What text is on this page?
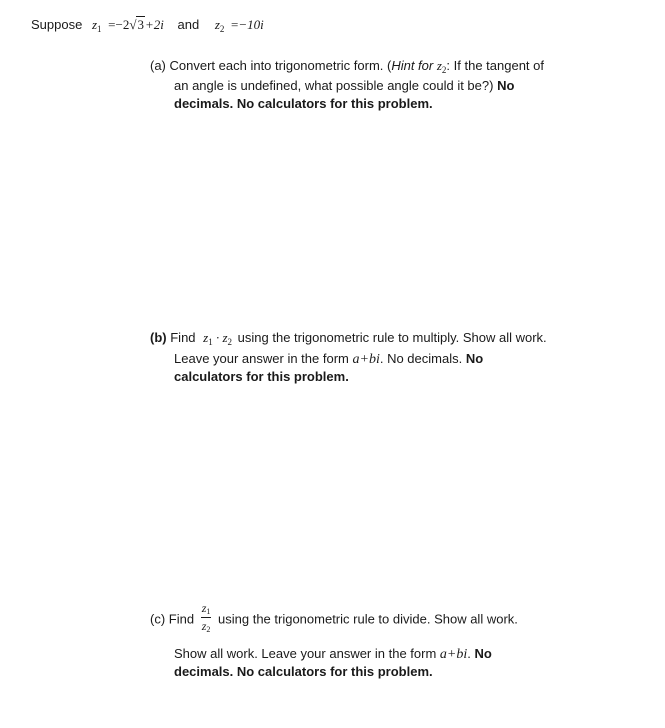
Suppose $z_1 =-2√3+2i$ and $z_2 =-10i$
(a) Convert each into trigonometric form. (Hint for $z_2$: If the tangent of
an angle is undefined, what possible angle could it be?) No
decimals. No calculators for this problem.
(b) Find $z_1 \cdot z_2$ using the trigonometric rule to multiply. Show all work.
Leave your answer in the form a+bi. No decimals. No
calculators for this problem.
(c) Find $\frac{z1}{z2}$ using the trigonometric rule to divide. Show all work.
Show all work. Leave your answer in the form a+bi. No
decimals. No calculators for this problem.
